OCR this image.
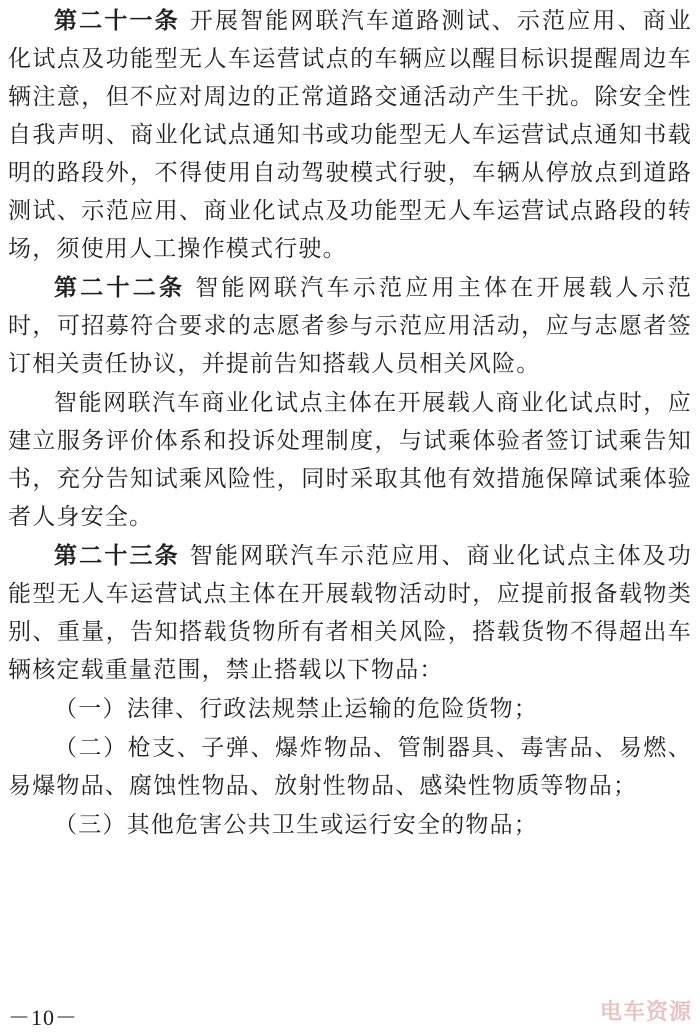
第二十一条 开展智能网联汽车道路测试、示范应用、商业化试点及功能型无人车运营试点的车辆应以醒目标识提醒周边车辆注意，但不应对周边的正常道路交通活动产生干扰。除安全性自我声明、商业化试点通知书或功能型无人车运营试点通知书载明的路段外，不得使用自动驾驶模式行驶，车辆从停放点到道路测试、示范应用、商业化试点及功能型无人车运营试点路段的转场，须使用人工操作模式行驶。

第二十二条 智能网联汽车示范应用主体在开展载人示范时，可招募符合要求的志愿者参与示范应用活动，应与志愿者签订相关责任协议，并提前告知搭载人员相关风险。

智能网联汽车商业化试点主体在开展载人商业化试点时，应建立服务评价体系和投诉处理制度，与试乘体验者签订试乘告知书，充分告知试乘风险性，同时采取其他有效措施保障试乘体验者人身安全。

第二十三条 智能网联汽车示范应用、商业化试点主体及功能型无人车运营试点主体在开展载物活动时，应提前报备载物类别、重量，告知搭载货物所有者相关风险，搭载货物不得超出车辆核定载重量范围，禁止搭载以下物品：

（一）法律、行政法规禁止运输的危险货物；

（二）枪支、子弹、爆炸物品、管制器具、毒害品、易燃、易爆物品、腐蚀性物品、放射性物品、感染性物质等物品；

（三）其他危害公共卫生或运行安全的物品；

－10－	电车资源
